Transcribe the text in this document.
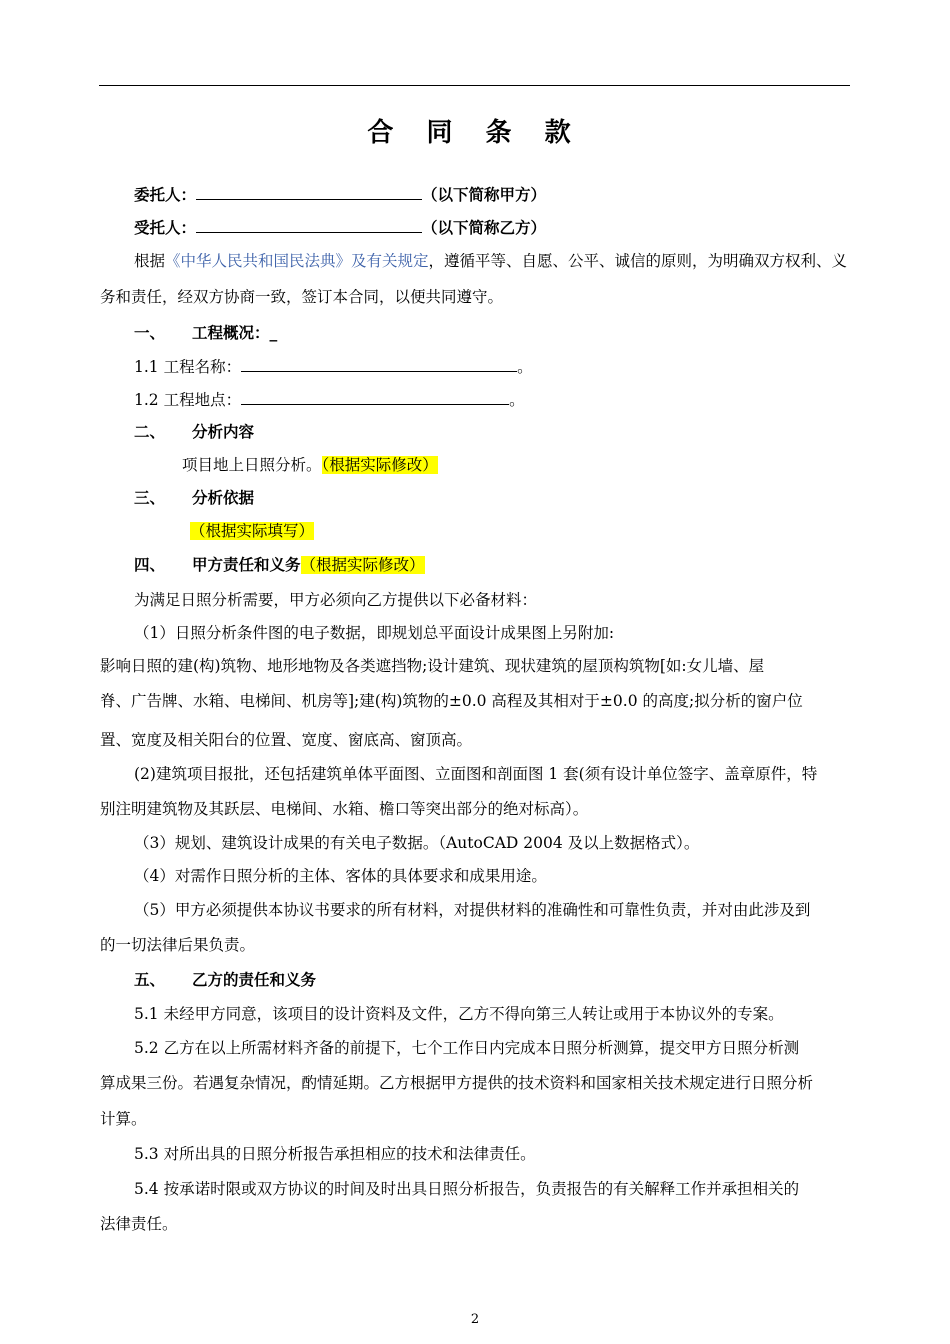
合 同 条 款
委托人：	（以下简称甲方）
受托人：	（以下简称乙方）
根据《中华人民共和国民法典》及有关规定，遵循平等、自愿、公平、诚信的原则，为明确双方权利、义
务和责任，经双方协商一致，签订本合同，以便共同遵守。
一、 工程概况：_
1.1 工程名称：	。
1.2 工程地点：	。
二、 分析内容
项目地上日照分析。（根据实际修改）
三、 分析依据
（根据实际填写）
四、 甲方责任和义务（根据实际修改）
为满足日照分析需要，甲方必须向乙方提供以下必备材料：
（1）日照分析条件图的电子数据，即规划总平面设计成果图上另附加:
影响日照的建(构)筑物、地形地物及各类遮挡物;设计建筑、现状建筑的屋顶构筑物[如:女儿墙、屋
脊、广告牌、水箱、电梯间、机房等];建(构)筑物的±0.0 高程及其相对于±0.0 的高度;拟分析的窗户位
置、宽度及相关阳台的位置、宽度、窗底高、窗顶高。
(2)建筑项目报批，还包括建筑单体平面图、立面图和剖面图 1 套(须有设计单位签字、盖章原件，特
别注明建筑物及其跃层、电梯间、水箱、檐口等突出部分的绝对标高）。
（3）规划、建筑设计成果的有关电子数据。（AutoCAD 2004 及以上数据格式）。
（4）对需作日照分析的主体、客体的具体要求和成果用途。
（5）甲方必须提供本协议书要求的所有材料，对提供材料的准确性和可靠性负责，并对由此涉及到
的一切法律后果负责。
五、 乙方的责任和义务
5.1 未经甲方同意，该项目的设计资料及文件，乙方不得向第三人转让或用于本协议外的专案。
5.2 乙方在以上所需材料齐备的前提下，七个工作日内完成本日照分析测算，提交甲方日照分析测
算成果三份。若遇复杂情况，酌情延期。乙方根据甲方提供的技术资料和国家相关技术规定进行日照分析
计算。
5.3 对所出具的日照分析报告承担相应的技术和法律责任。
5.4 按承诺时限或双方协议的时间及时出具日照分析报告，负责报告的有关解释工作并承担相关的
法律责任。
2
